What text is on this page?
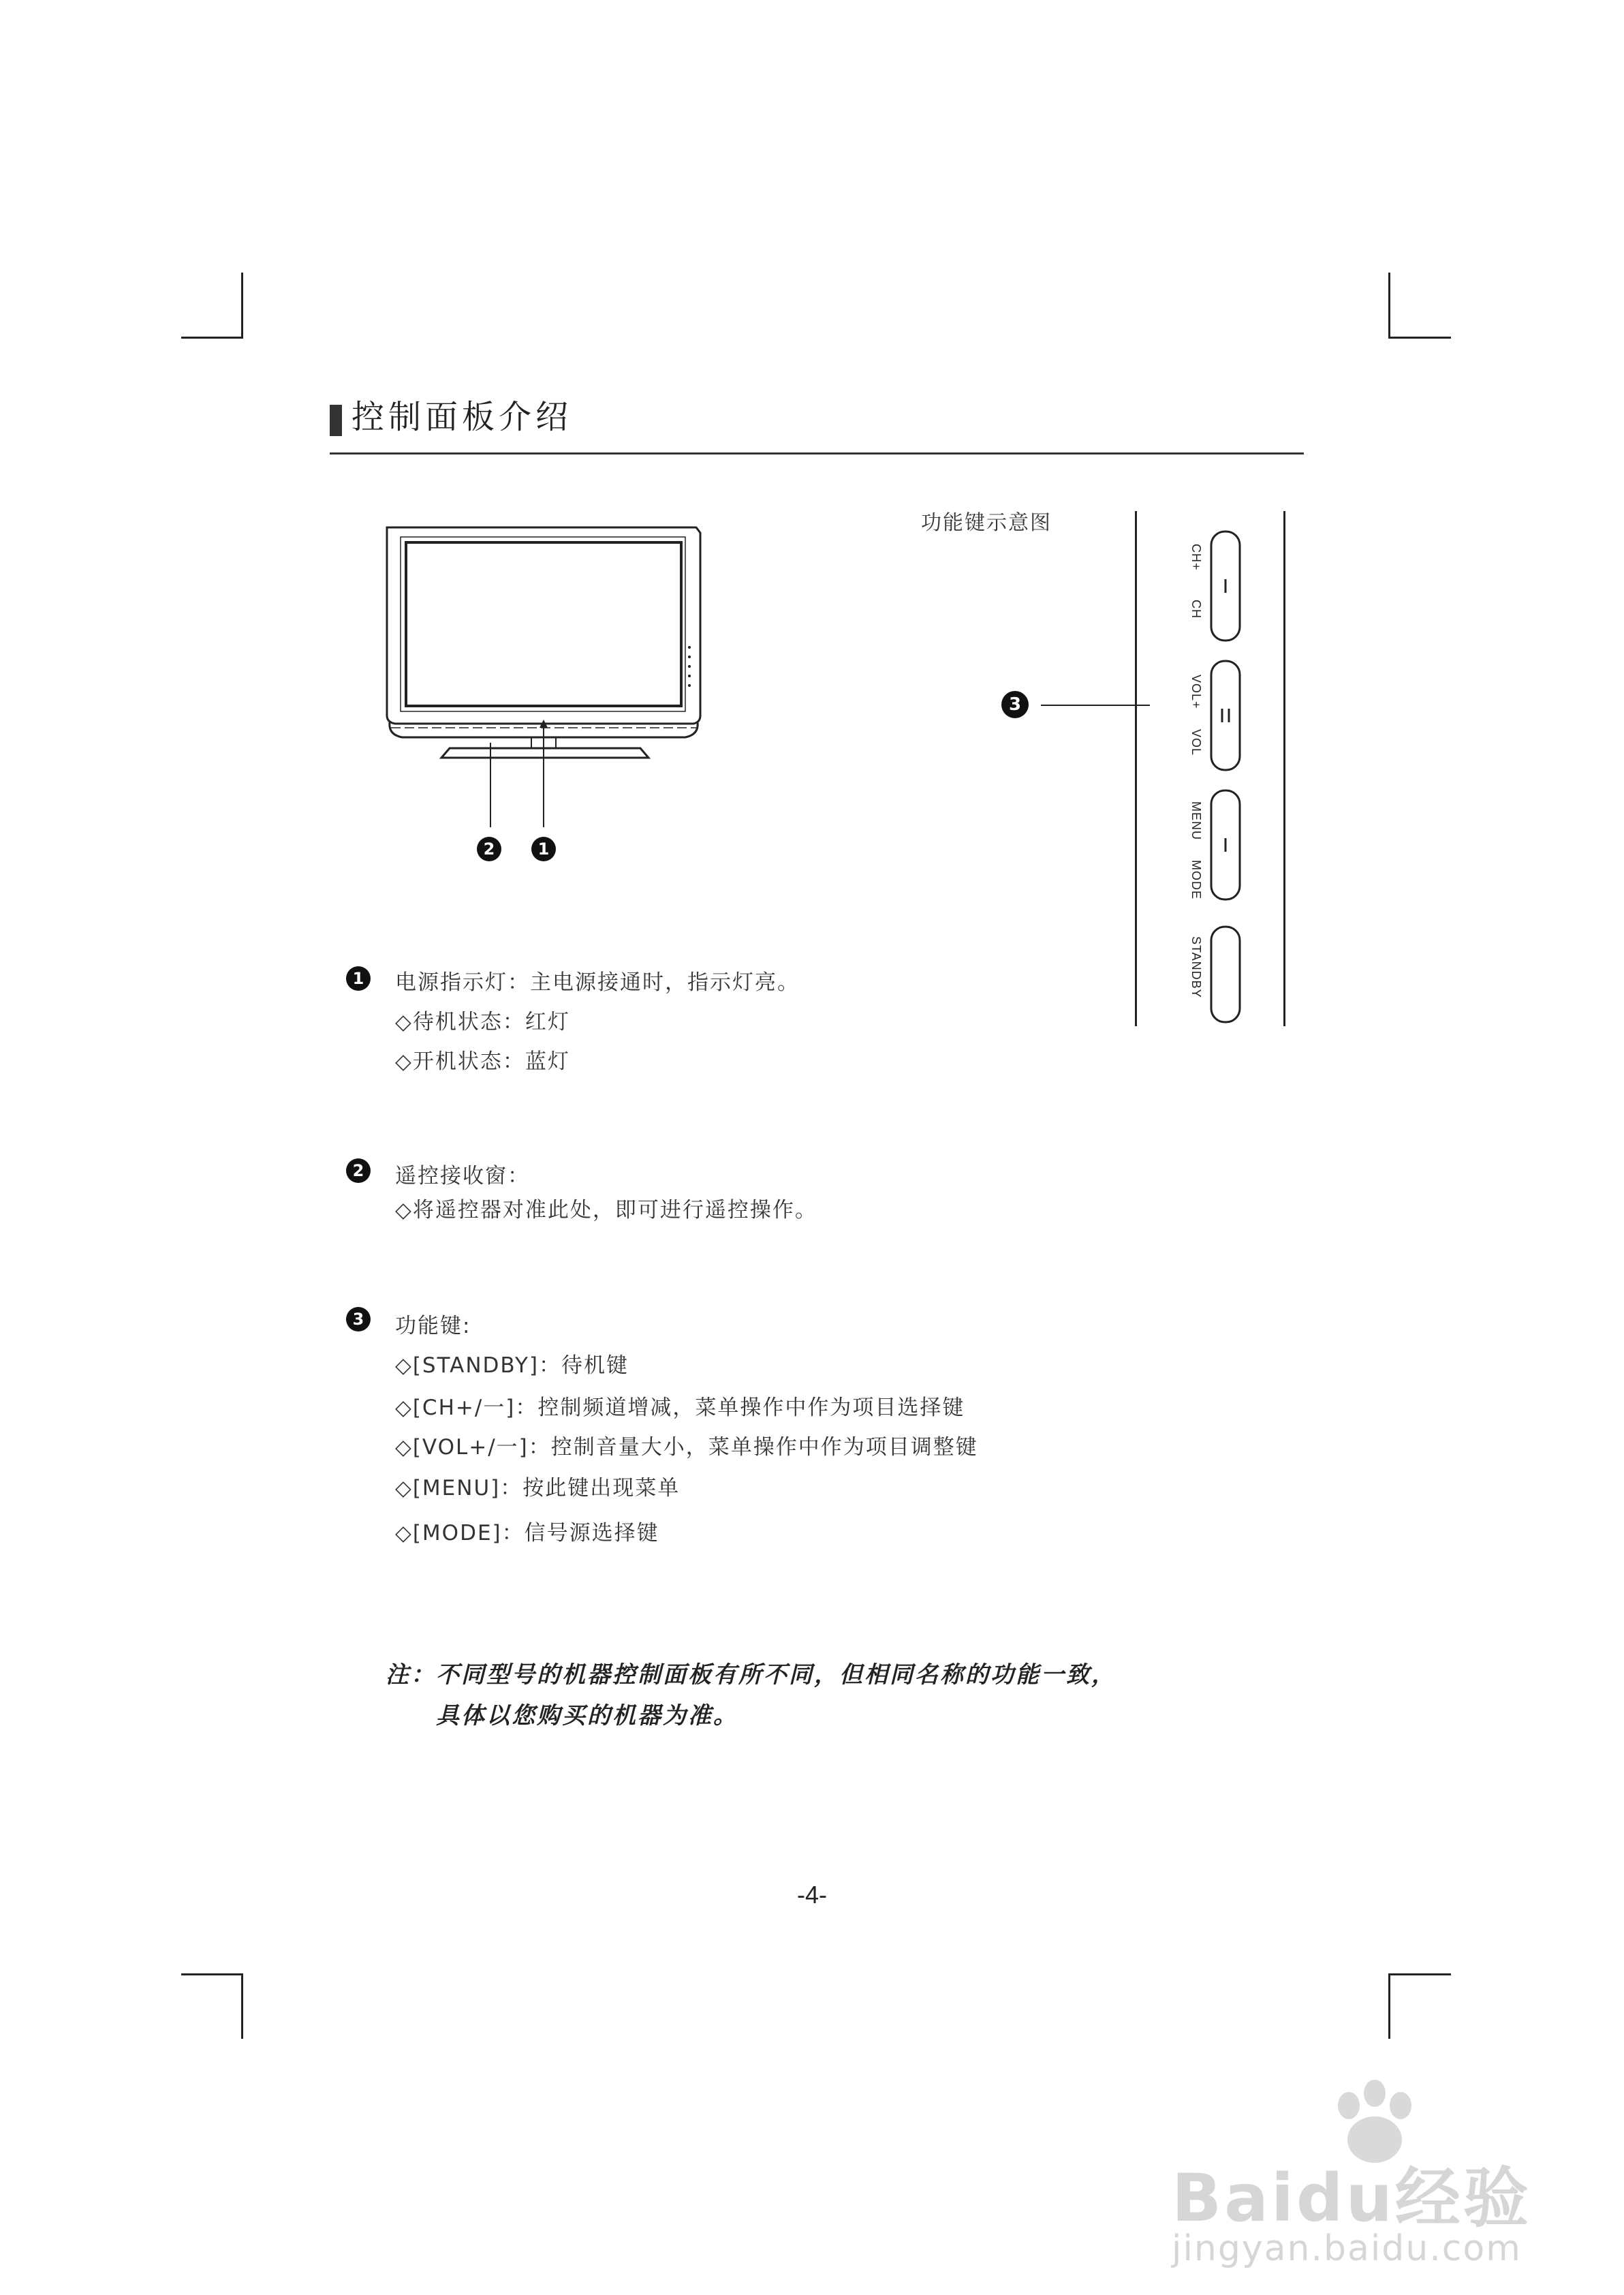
控制面板介绍
2	1
功能键示意图
3
CH+
CH
VOL+
VOL
MENU
MODE
STANDBY
1	电源指示灯：主电源接通时，指示灯亮。
◇待机状态：红灯
◇开机状态：蓝灯
2	遥控接收窗：
◇将遥控器对准此处，即可进行遥控操作。
3	功能键:
◇[STANDBY]：待机键
◇[CH+/一]：控制频道增减，菜单操作中作为项目选择键
◇[VOL+/一]：控制音量大小，菜单操作中作为项目调整键
◇[MENU]：按此键出现菜单
◇[MODE]：信号源选择键
注：不同型号的机器控制面板有所不同，但相同名称的功能一致，
具体以您购买的机器为准。
-4-
Baidu经验
jingyan.baidu.com
